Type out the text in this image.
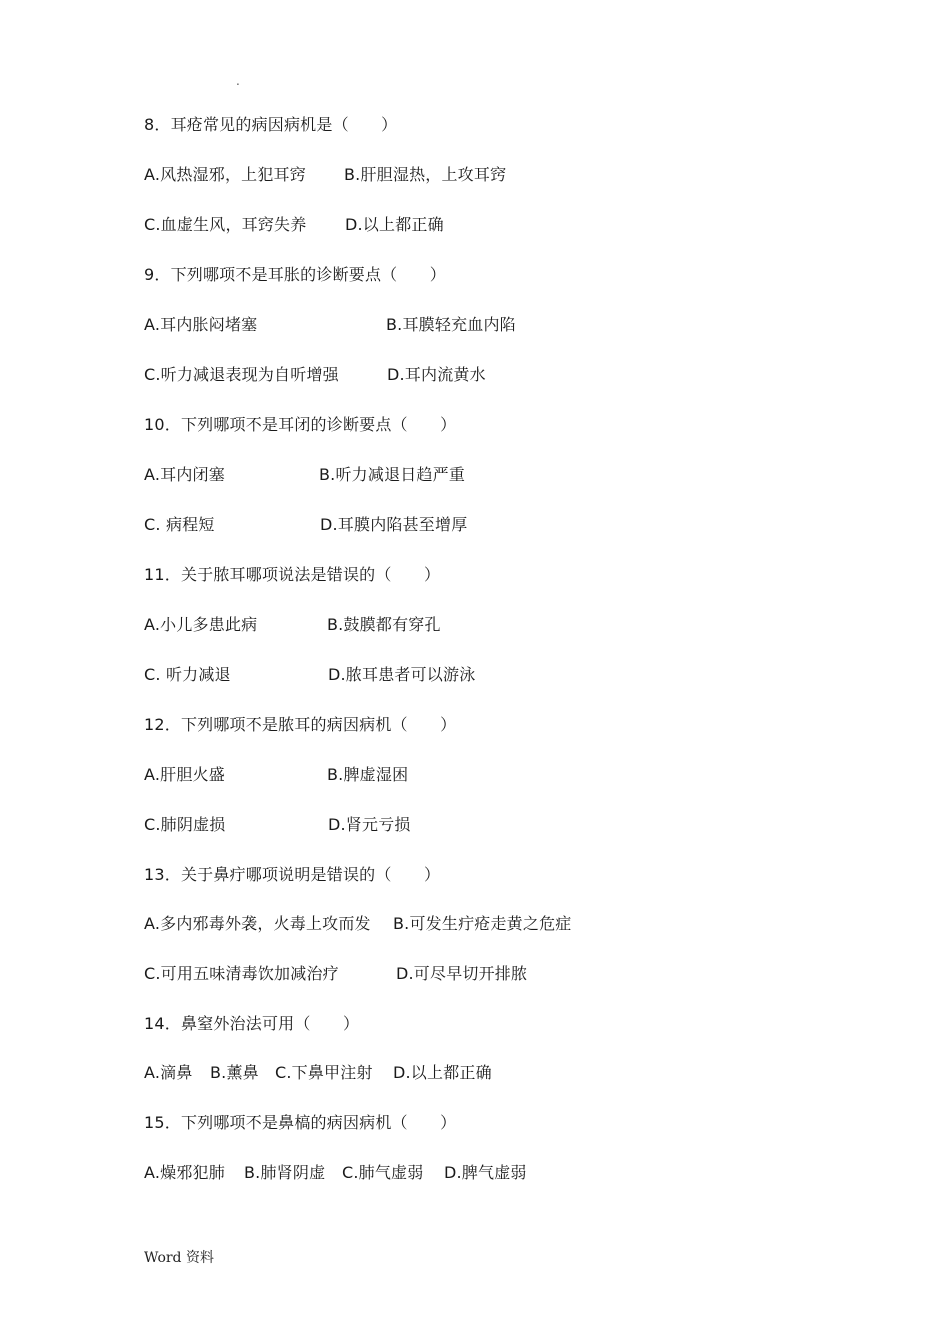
.
8．耳疮常见的病因病机是（　　）
A.风热湿邪，上犯耳窍 B.肝胆湿热，上攻耳窍
C.血虚生风，耳窍失养 D.以上都正确
9．下列哪项不是耳胀的诊断要点（　　）
A.耳内胀闷堵塞	B.耳膜轻充血内陷
C.听力减退表现为自听增强	D.耳内流黄水
10．下列哪项不是耳闭的诊断要点（　　）
A.耳内闭塞	B.听力减退日趋严重
C. 病程短	D.耳膜内陷甚至增厚
11．关于脓耳哪项说法是错误的（　　）
A.小儿多患此病	B.鼓膜都有穿孔
C. 听力减退	D.脓耳患者可以游泳
12．下列哪项不是脓耳的病因病机（　　）
A.肝胆火盛	B.脾虚湿困
C.肺阴虚损	D.肾元亏损
13．关于鼻疔哪项说明是错误的（　　）
A.多内邪毒外袭，火毒上攻而发 B.可发生疔疮走黄之危症
C.可用五味清毒饮加减治疗	D.可尽早切开排脓
14．鼻窒外治法可用（　　）
A.滴鼻 B.薰鼻 C.下鼻甲注射 D.以上都正确
15．下列哪项不是鼻槁的病因病机（　　）
A.燥邪犯肺 B.肺肾阴虚 C.肺气虚弱 D.脾气虚弱
Word 资料
